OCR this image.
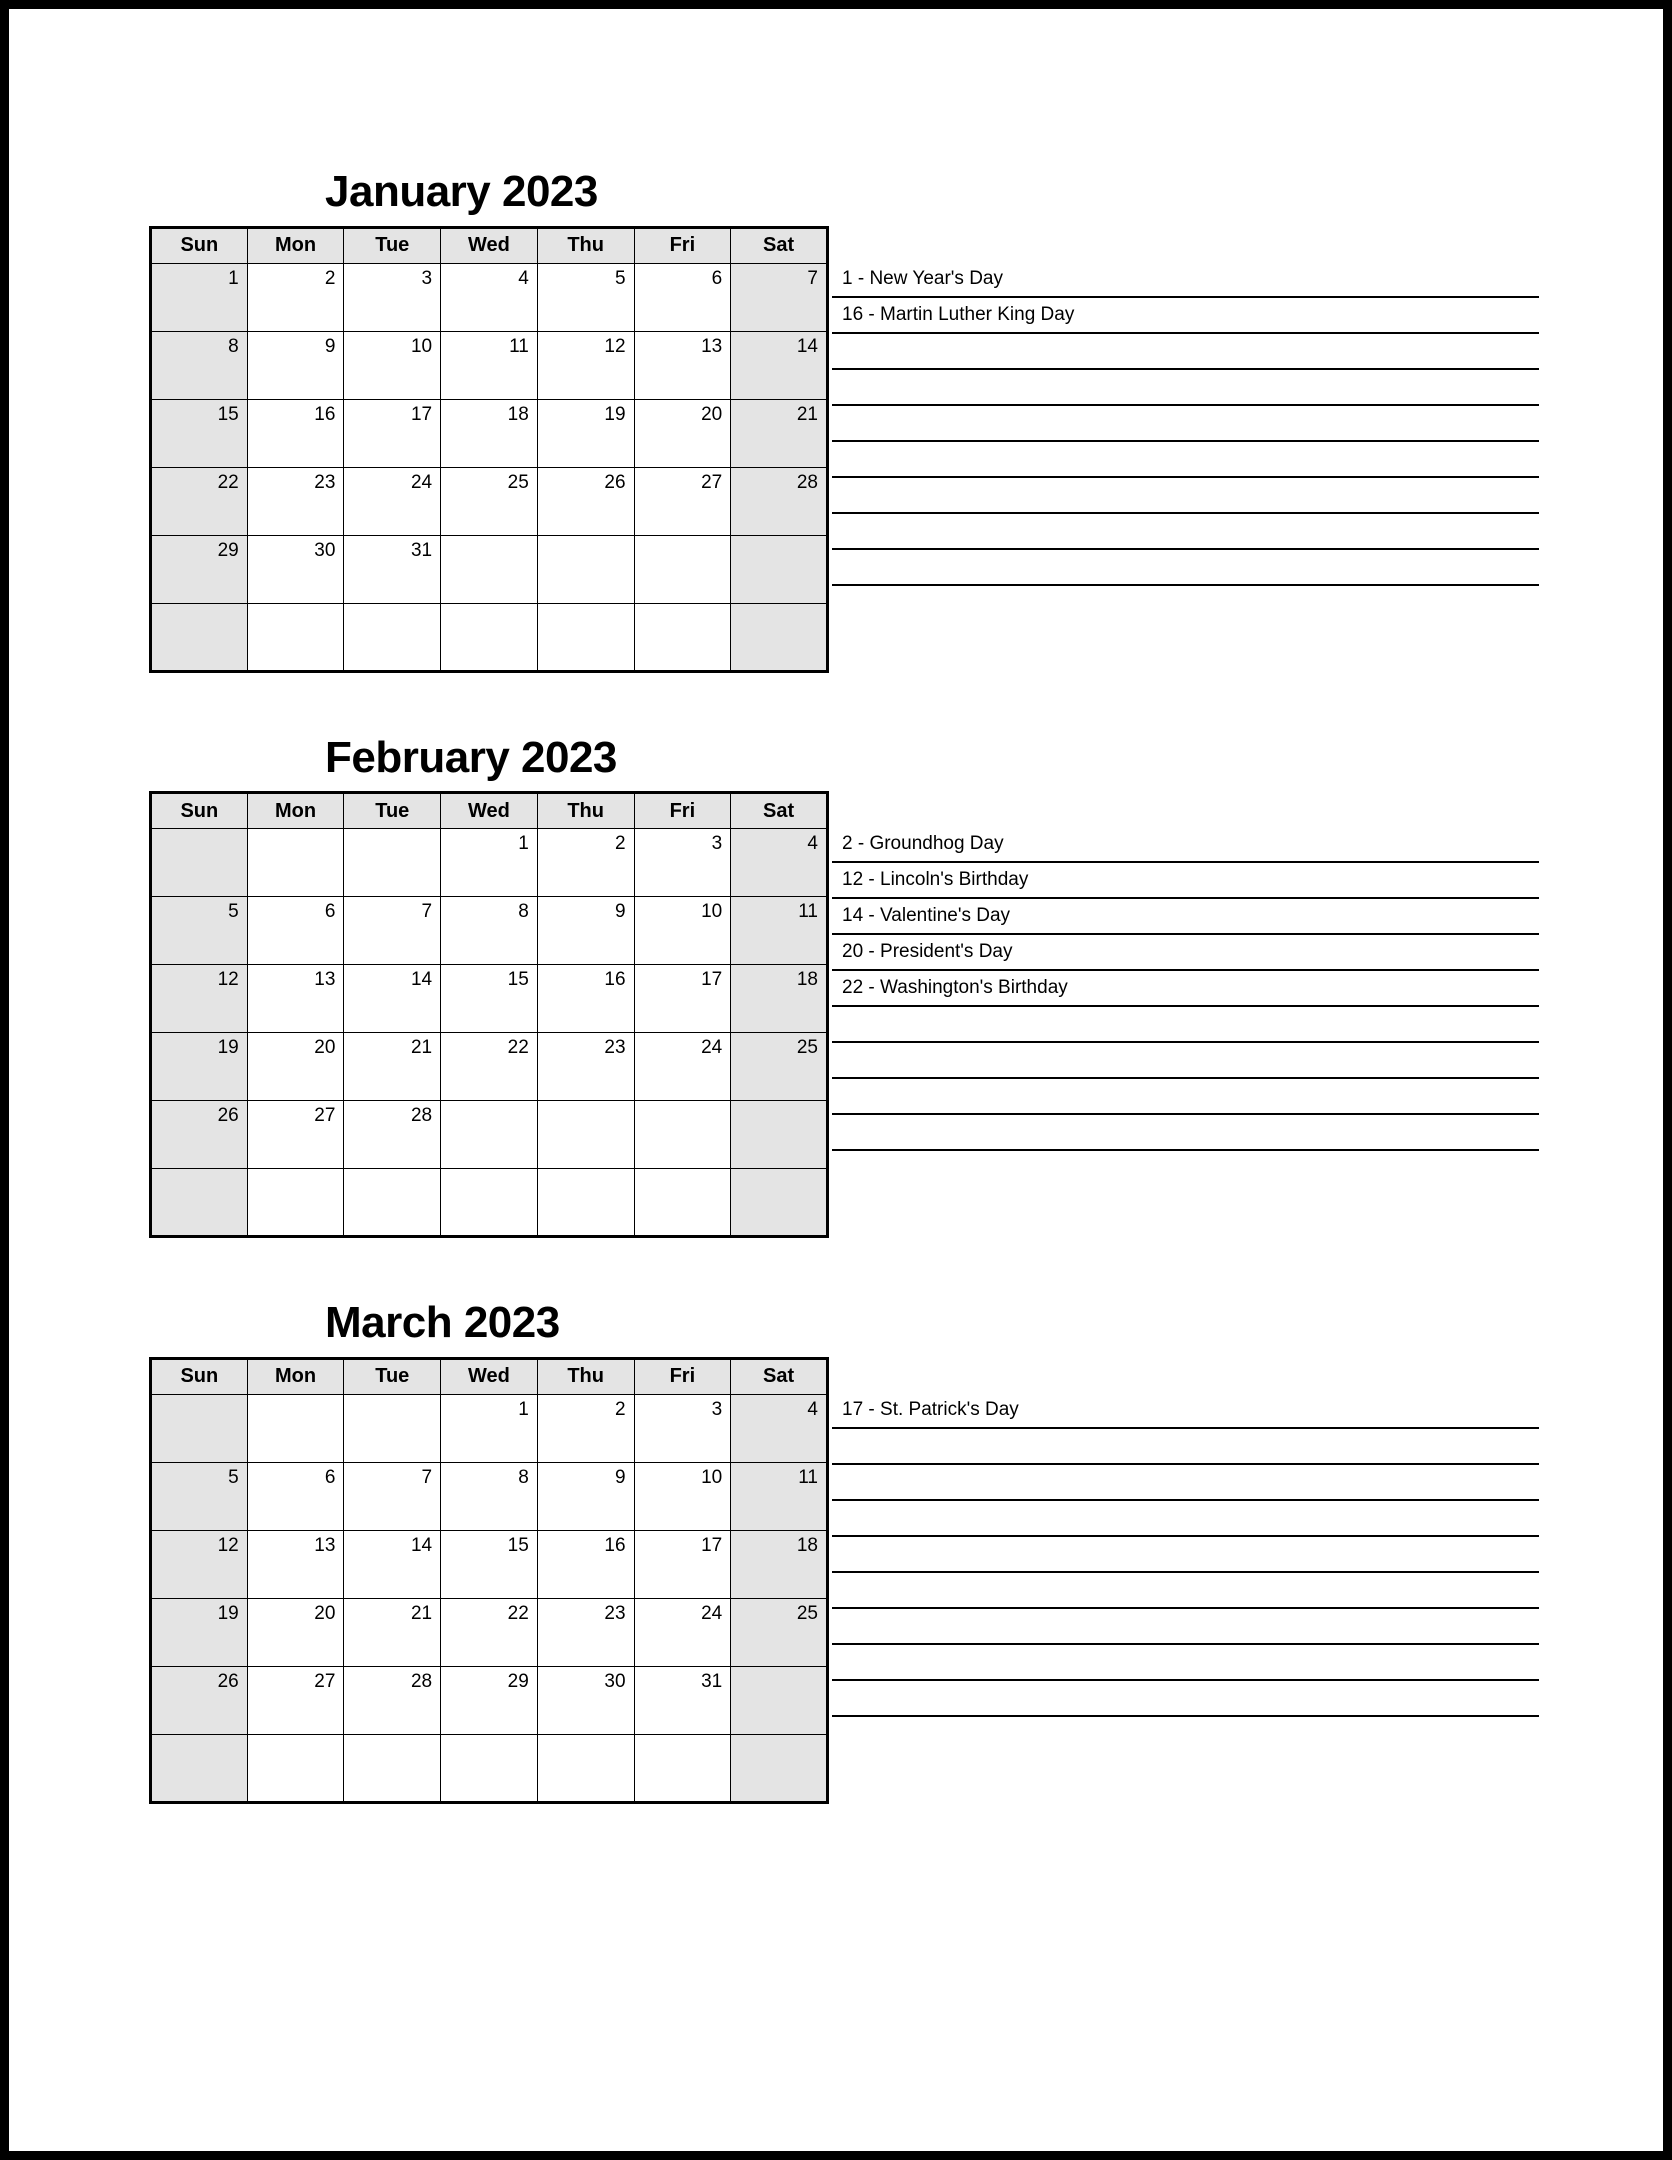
January 2023
Sun	Mon	Tue	Wed	Thu	Fri	Sat
1	2	3	4	5	6	7
8	9	10	11	12	13	14
15	16	17	18	19	20	21
22	23	24	25	26	27	28
29	30	31				

1 - New Year's Day
16 - Martin Luther King Day
February 2023
Sun	Mon	Tue	Wed	Thu	Fri	Sat
			1	2	3	4
5	6	7	8	9	10	11
12	13	14	15	16	17	18
19	20	21	22	23	24	25
26	27	28				

2 - Groundhog Day
12 - Lincoln's Birthday
14 - Valentine's Day
20 - President's Day
22 - Washington's Birthday
March 2023
Sun	Mon	Tue	Wed	Thu	Fri	Sat
			1	2	3	4
5	6	7	8	9	10	11
12	13	14	15	16	17	18
19	20	21	22	23	24	25
26	27	28	29	30	31	

17 - St. Patrick's Day
